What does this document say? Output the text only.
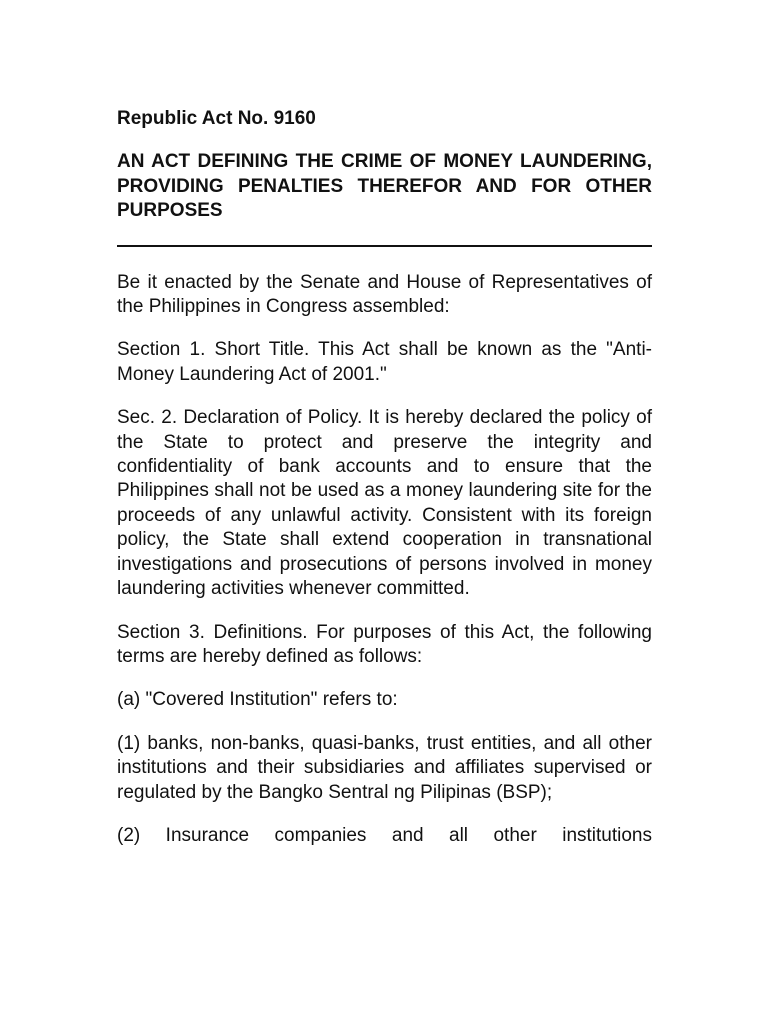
Republic Act No. 9160

AN ACT DEFINING THE CRIME OF MONEY LAUNDERING, PROVIDING PENALTIES THEREFOR AND FOR OTHER PURPOSES

Be it enacted by the Senate and House of Representatives of the Philippines in Congress assembled:

Section 1. Short Title. This Act shall be known as the "Anti-Money Laundering Act of 2001."

Sec. 2. Declaration of Policy. It is hereby declared the policy of the State to protect and preserve the integrity and confidentiality of bank accounts and to ensure that the Philippines shall not be used as a money laundering site for the proceeds of any unlawful activity. Consistent with its foreign policy, the State shall extend cooperation in transnational investigations and prosecutions of persons involved in money laundering activities whenever committed.

Section 3. Definitions. For purposes of this Act, the following terms are hereby defined as follows:

(a) "Covered Institution" refers to:

(1) banks, non-banks, quasi-banks, trust entities, and all other institutions and their subsidiaries and affiliates supervised or regulated by the Bangko Sentral ng Pilipinas (BSP);

(2) Insurance companies and all other institutions
